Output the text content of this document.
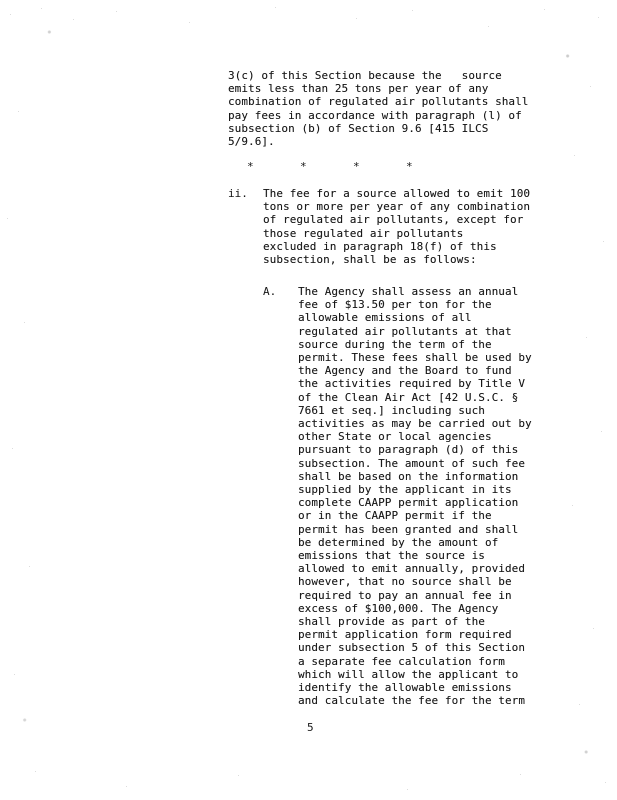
3(c) of this Section because the   source
emits less than 25 tons per year of any
combination of regulated air pollutants shall
pay fees in accordance with paragraph (l) of
subsection (b) of Section 9.6 [415 ILCS
5/9.6].
*       *       *       *
ii. The fee for a source allowed to emit 100
tons or more per year of any combination
of regulated air pollutants, except for
those regulated air pollutants
excluded in paragraph 18(f) of this
subsection, shall be as follows:
A. The Agency shall assess an annual
fee of $13.50 per ton for the
allowable emissions of all
regulated air pollutants at that
source during the term of the
permit. These fees shall be used by
the Agency and the Board to fund
the activities required by Title V
of the Clean Air Act [42 U.S.C. §
7661 et seq.] including such
activities as may be carried out by
other State or local agencies
pursuant to paragraph (d) of this
subsection. The amount of such fee
shall be based on the information
supplied by the applicant in its
complete CAAPP permit application
or in the CAAPP permit if the
permit has been granted and shall
be determined by the amount of
emissions that the source is
allowed to emit annually, provided
however, that no source shall be
required to pay an annual fee in
excess of $100,000. The Agency
shall provide as part of the
permit application form required
under subsection 5 of this Section
a separate fee calculation form
which will allow the applicant to
identify the allowable emissions
and calculate the fee for the term
5
